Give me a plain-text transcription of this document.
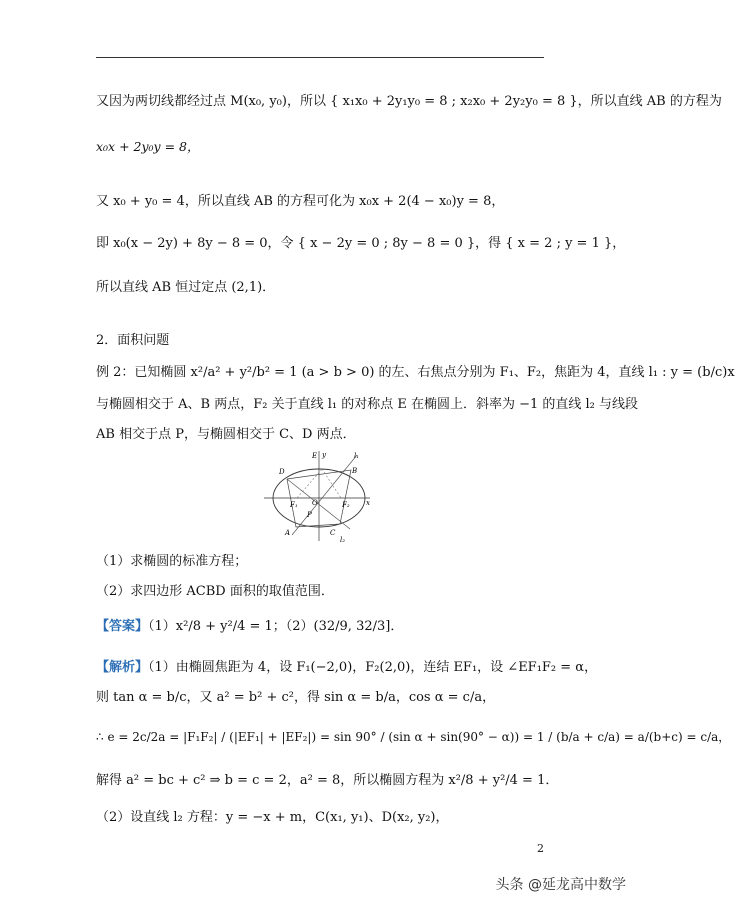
又因为两切线都经过点 M(x₀, y₀)，所以 { x₁x₀ + 2y₁y₀ = 8 ; x₂x₀ + 2y₂y₀ = 8 }，所以直线 AB 的方程为
x₀x + 2y₀y = 8，
又 x₀ + y₀ = 4，所以直线 AB 的方程可化为 x₀x + 2(4 − x₀)y = 8，
即 x₀(x − 2y) + 8y − 8 = 0，令 { x − 2y = 0 ; 8y − 8 = 0 }，得 { x = 2 ; y = 1 }，
所以直线 AB 恒过定点 (2,1)．
2．面积问题
例 2：已知椭圆 x²/a² + y²/b² = 1 (a > b > 0) 的左、右焦点分别为 F₁、F₂，焦距为 4，直线 l₁ : y = (b/c)x
与椭圆相交于 A、B 两点，F₂ 关于直线 l₁ 的对称点 E 在椭圆上．斜率为 −1 的直线 l₂ 与线段
AB 相交于点 P，与椭圆相交于 C、D 两点．
E y	l₁
D	B
F₁ O	F₂ x
P
A	C
l₂
（1）求椭圆的标准方程；
（2）求四边形 ACBD 面积的取值范围．
【答案】（1）x²/8 + y²/4 = 1；（2）(32/9, 32/3]．
【解析】（1）由椭圆焦距为 4，设 F₁(−2,0)，F₂(2,0)，连结 EF₁，设 ∠EF₁F₂ = α，
则 tan α = b/c，又 a² = b² + c²，得 sin α = b/a，cos α = c/a，
∴ e = 2c/2a = |F₁F₂| / (|EF₁| + |EF₂|) = sin 90° / (sin α + sin(90° − α)) = 1 / (b/a + c/a) = a/(b+c) = c/a，
解得 a² = bc + c² ⇒ b = c = 2，a² = 8，所以椭圆方程为 x²/8 + y²/4 = 1．
（2）设直线 l₂ 方程：y = −x + m，C(x₁, y₁)、D(x₂, y₂)，
2
头条 @延龙高中数学
